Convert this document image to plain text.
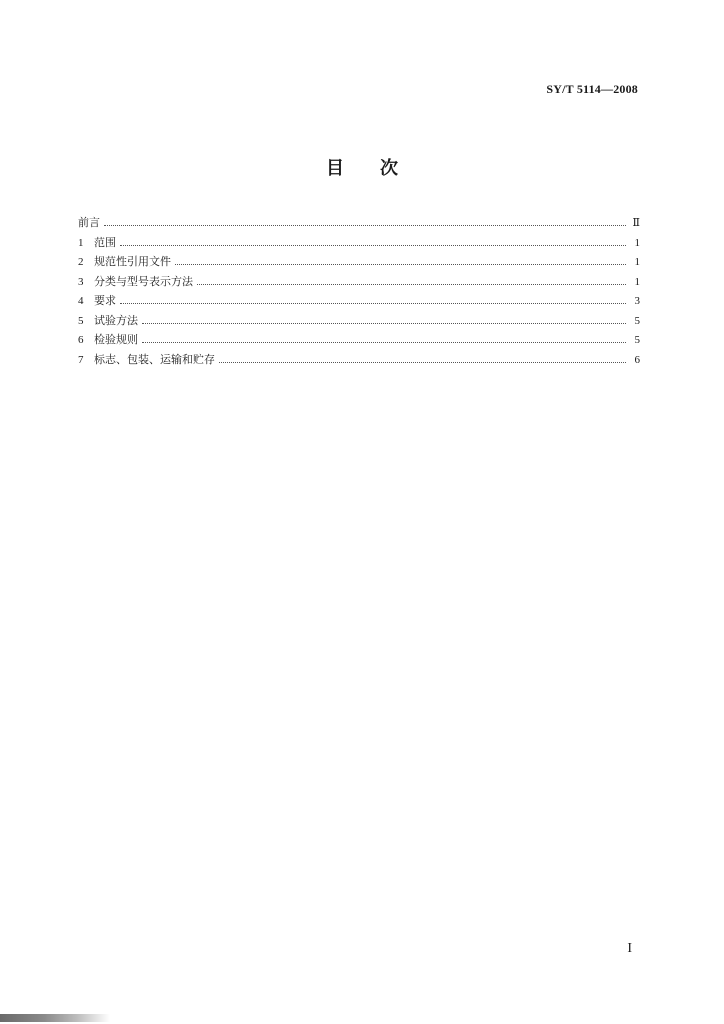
SY/T 5114—2008
目次
前言	Ⅱ
1 范围	1
2 规范性引用文件	1
3 分类与型号表示方法	1
4 要求	3
5 试验方法	5
6 检验规则	5
7 标志、包装、运输和贮存	6
I
